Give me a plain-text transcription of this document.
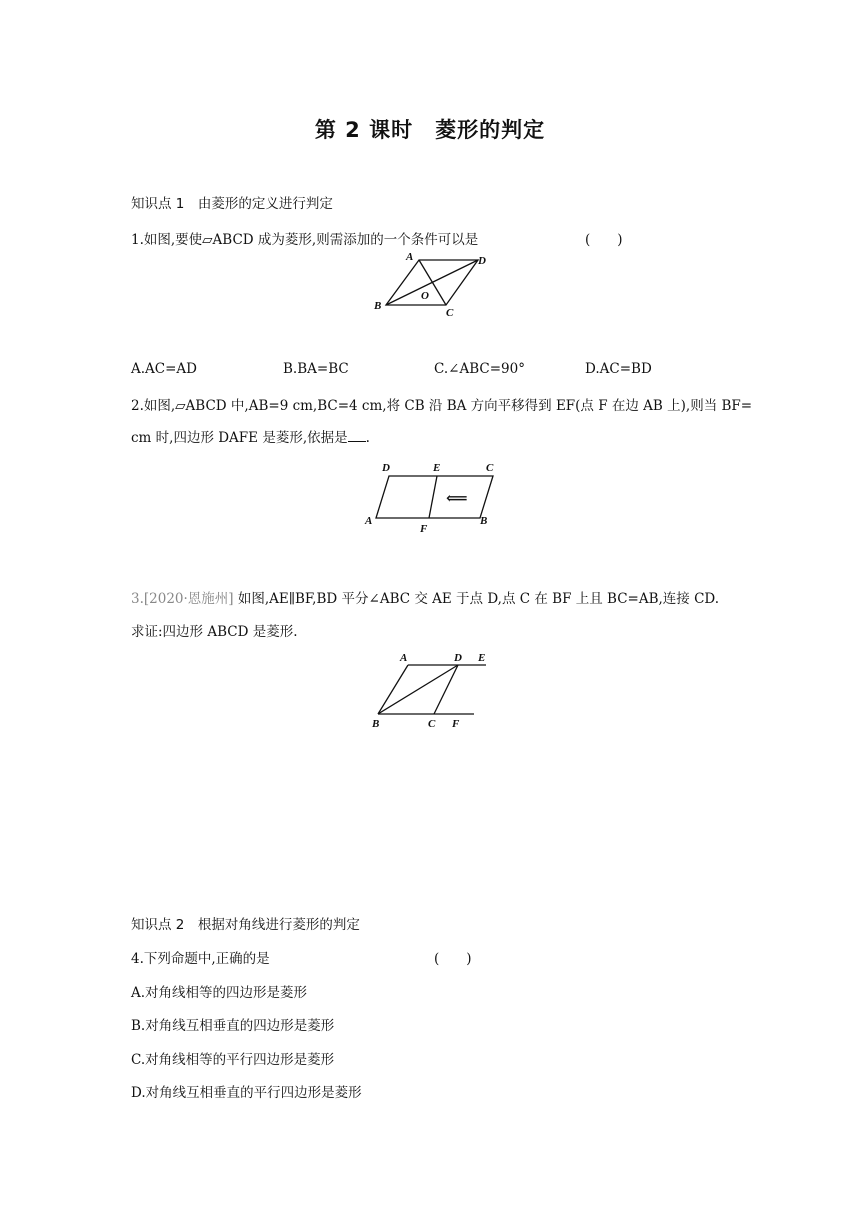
第 2 课时　菱形的判定
知识点 1　由菱形的定义进行判定
1.如图,要使▱ABCD 成为菱形,则需添加的一个条件可以是	(　　)
A	D
O
B
C
A.AC=AD	B.BA=BC	C.∠ABC=90°	D.AC=BD
2.如图,▱ABCD 中,AB=9 cm,BC=4 cm,将 CB 沿 BA 方向平移得到 EF(点 F 在边 AB 上),则当 BF=
cm 时,四边形 DAFE 是菱形,依据是 .
⟸
D	E	C
A
F
B
3.[2020·恩施州] 如图,AE∥BF,BD 平分∠ABC 交 AE 于点 D,点 C 在 BF 上且 BC=AB,连接 CD.
求证:四边形 ABCD 是菱形.
A	D E
B	C F
知识点 2　根据对角线进行菱形的判定
4.下列命题中,正确的是	(　　)
A.对角线相等的四边形是菱形
B.对角线互相垂直的四边形是菱形
C.对角线相等的平行四边形是菱形
D.对角线互相垂直的平行四边形是菱形
